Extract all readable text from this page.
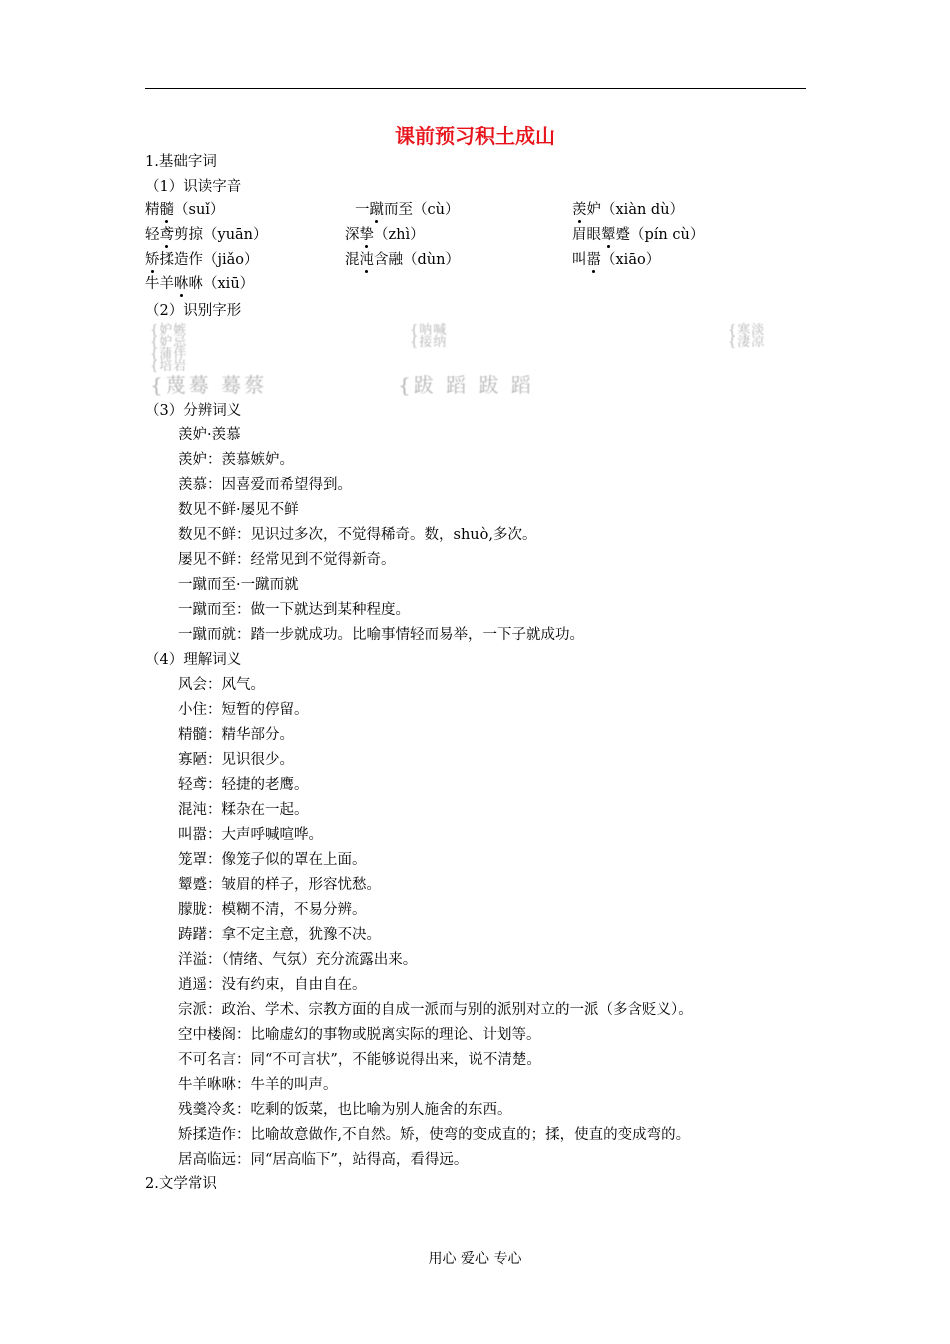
课前预习积土成山
1.基础字词
（1）识读字音
精髓（suǐ）	一蹴而至（cù）	羡妒（xiàn dù）
轻鸢剪掠（yuān）	深挚（zhì）	眉眼颦蹙（pín cù）
矫揉造作（jiǎo）	混沌含融（dùn）	叫嚣（xiāo）
牛羊咻咻（xiū）
（2）识别字形
{妒嫉
{妒忌
{蒲伴
{培岩
{呐喊
{接纳
{寒淡
{淒凉
{蔑蓦 蓦蔡	{跋 蹈 跋 蹈
（3）分辨词义
羡妒·羡慕
羡妒：羡慕嫉妒。
羡慕：因喜爱而希望得到。
数见不鲜·屡见不鲜
数见不鲜：见识过多次，不觉得稀奇。数，shuò,多次。
屡见不鲜：经常见到不觉得新奇。
一蹴而至·一蹴而就
一蹴而至：做一下就达到某种程度。
一蹴而就：踏一步就成功。比喻事情轻而易举，一下子就成功。
（4）理解词义
风会：风气。
小住：短暂的停留。
精髓：精华部分。
寡陋：见识很少。
轻鸢：轻捷的老鹰。
混沌：糅杂在一起。
叫嚣：大声呼喊喧哗。
笼罩：像笼子似的罩在上面。
颦蹙：皱眉的样子，形容忧愁。
朦胧：模糊不清，不易分辨。
踌躇：拿不定主意，犹豫不决。
洋溢：（情绪、气氛）充分流露出来。
逍遥：没有约束，自由自在。
宗派：政治、学术、宗教方面的自成一派而与别的派别对立的一派（多含贬义）。
空中楼阁：比喻虚幻的事物或脱离实际的理论、计划等。
不可名言：同“不可言状”，不能够说得出来，说不清楚。
牛羊咻咻：牛羊的叫声。
残羹冷炙：吃剩的饭菜，也比喻为别人施舍的东西。
矫揉造作：比喻故意做作,不自然。矫，使弯的变成直的；揉，使直的变成弯的。
居高临远：同“居高临下”，站得高，看得远。
2.文学常识
用心 爱心 专心
